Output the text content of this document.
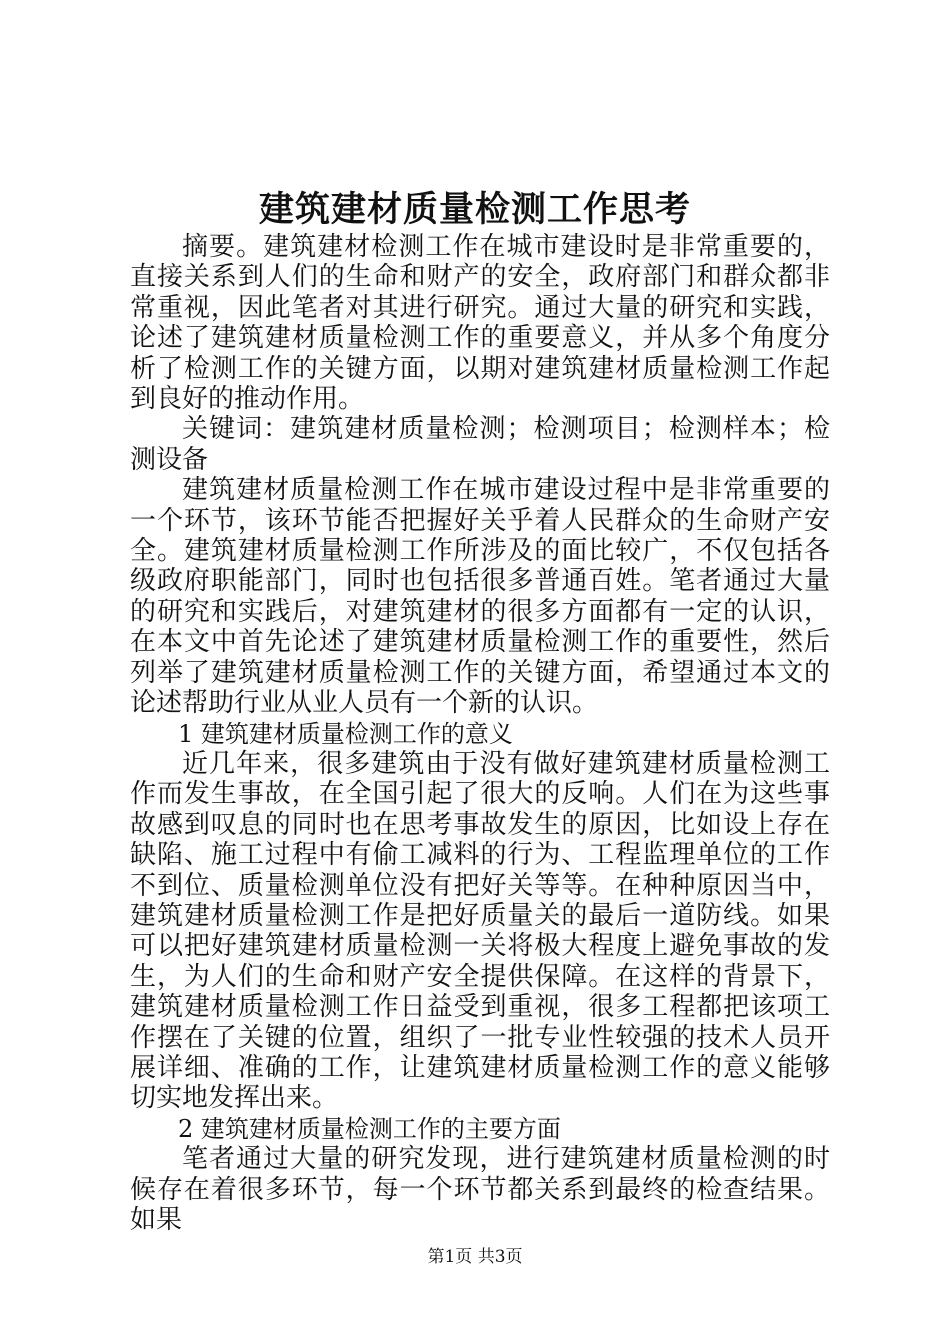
建筑建材质量检测工作思考

摘要。建筑建材检测工作在城市建设时是非常重要的，直接关系到人们的生命和财产的安全，政府部门和群众都非常重视，因此笔者对其进行研究。通过大量的研究和实践，论述了建筑建材质量检测工作的重要意义，并从多个角度分析了检测工作的关键方面，以期对建筑建材质量检测工作起到良好的推动作用。

关键词：建筑建材质量检测；检测项目；检测样本；检测设备

建筑建材质量检测工作在城市建设过程中是非常重要的一个环节，该环节能否把握好关乎着人民群众的生命财产安全。建筑建材质量检测工作所涉及的面比较广，不仅包括各级政府职能部门，同时也包括很多普通百姓。笔者通过大量的研究和实践后，对建筑建材的很多方面都有一定的认识，在本文中首先论述了建筑建材质量检测工作的重要性，然后列举了建筑建材质量检测工作的关键方面，希望通过本文的论述帮助行业从业人员有一个新的认识。

1 建筑建材质量检测工作的意义

近几年来，很多建筑由于没有做好建筑建材质量检测工作而发生事故，在全国引起了很大的反响。人们在为这些事故感到叹息的同时也在思考事故发生的原因，比如设上存在缺陷、施工过程中有偷工减料的行为、工程监理单位的工作不到位、质量检测单位没有把好关等等。在种种原因当中，建筑建材质量检测工作是把好质量关的最后一道防线。如果可以把好建筑建材质量检测一关将极大程度上避免事故的发生，为人们的生命和财产安全提供保障。在这样的背景下，建筑建材质量检测工作日益受到重视，很多工程都把该项工作摆在了关键的位置，组织了一批专业性较强的技术人员开展详细、准确的工作，让建筑建材质量检测工作的意义能够切实地发挥出来。

2 建筑建材质量检测工作的主要方面

笔者通过大量的研究发现，进行建筑建材质量检测的时候存在着很多环节，每一个环节都关系到最终的检查结果。如果

第1页 共3页
